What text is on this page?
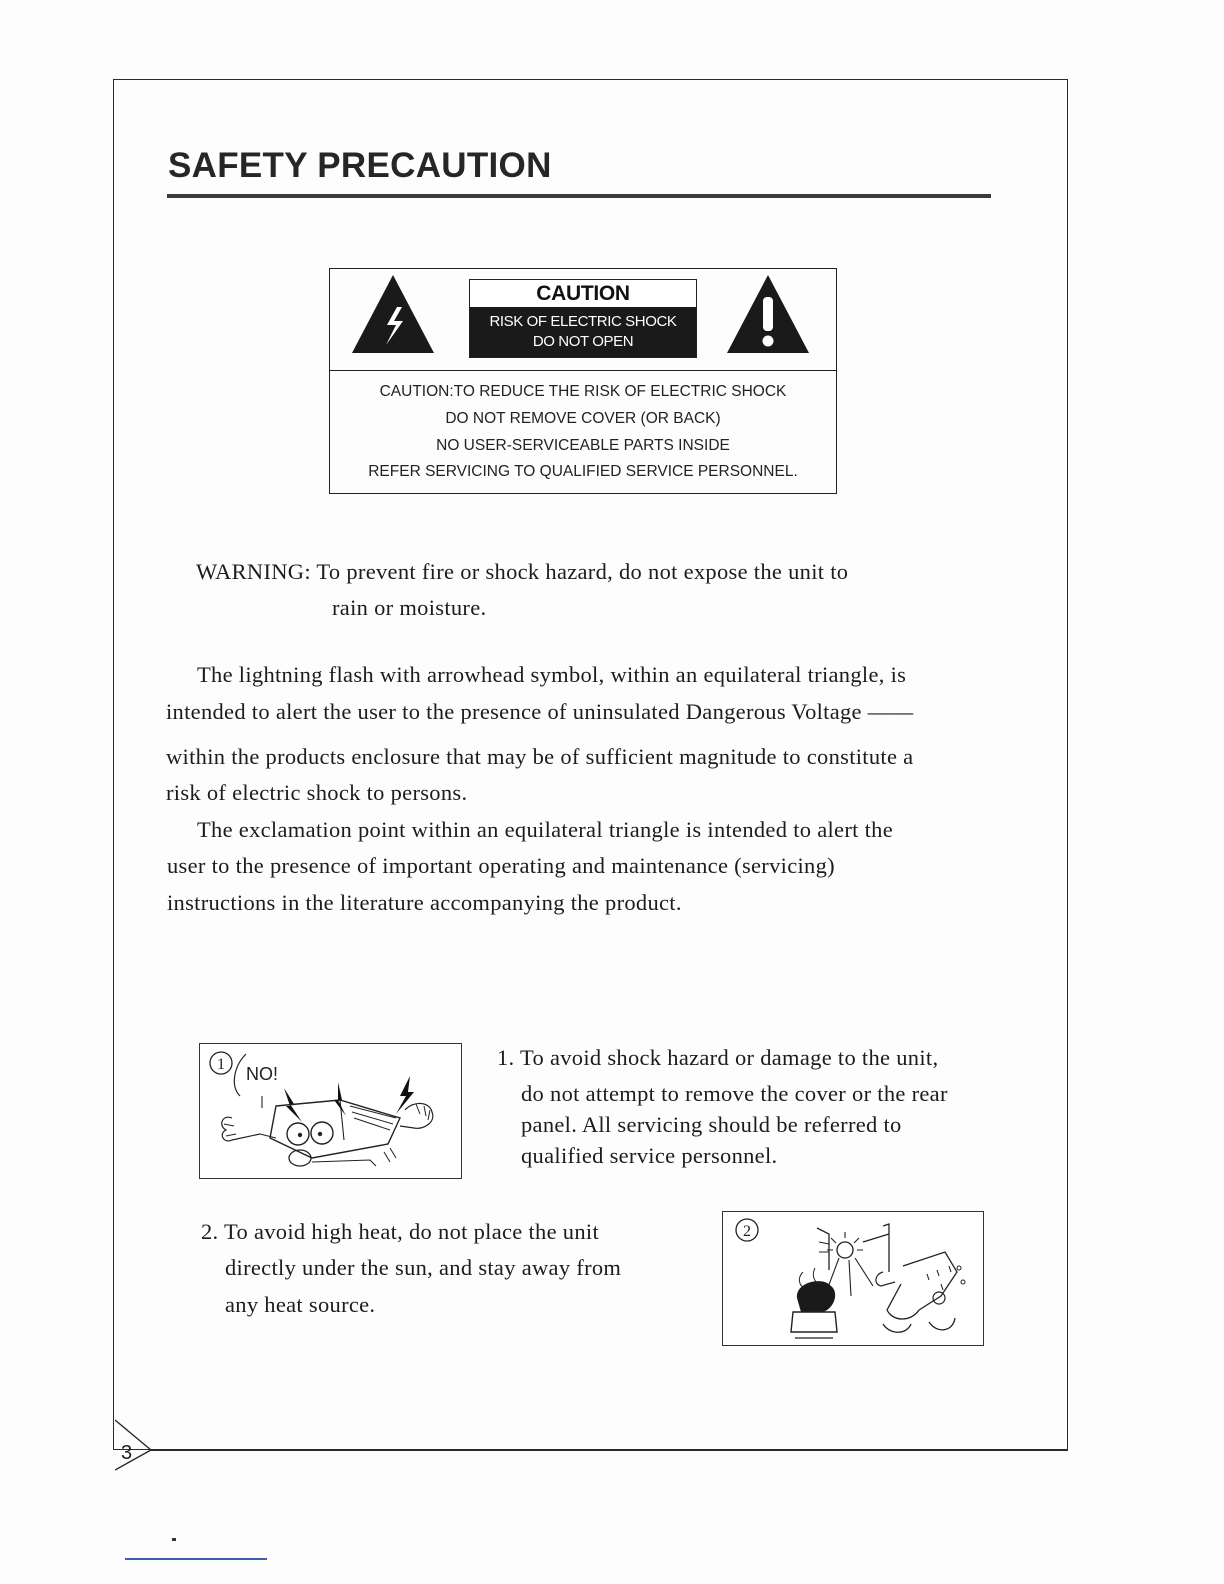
SAFETY PRECAUTION
CAUTION
RISK OF ELECTRIC SHOCK
DO NOT OPEN
CAUTION:TO REDUCE THE RISK OF ELECTRIC SHOCK
DO NOT REMOVE COVER (OR BACK)
NO USER-SERVICEABLE PARTS INSIDE
REFER SERVICING TO QUALIFIED SERVICE PERSONNEL.
WARNING: To prevent fire or shock hazard, do not expose the unit to
rain or moisture.
The lightning flash with arrowhead symbol, within an equilateral triangle, is
intended to alert the user to the presence of uninsulated Dangerous Voltage ——
within the products enclosure that may be of sufficient magnitude to constitute a
risk of electric shock to persons.
The exclamation point within an equilateral triangle is intended to alert the
user to the presence of important operating and maintenance (servicing)
instructions in the literature accompanying the product.
1 NO!
1. To avoid shock hazard or damage to the unit,
do not attempt to remove the cover or the rear
panel. All servicing should be referred to
qualified service personnel.
2. To avoid high heat, do not place the unit
directly under the sun, and stay away from
any heat source.
2
3
